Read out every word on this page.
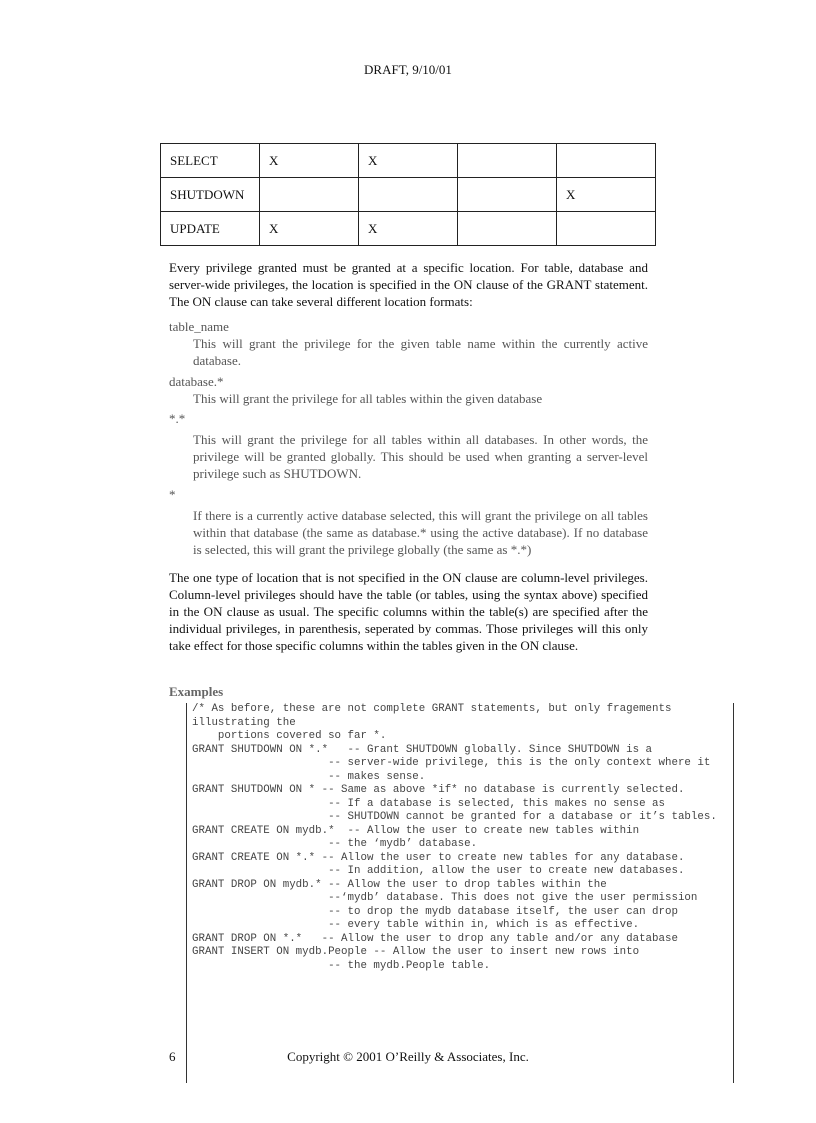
DRAFT, 9/10/01
SELECT	X	X		
SHUTDOWN				X
UPDATE	X	X		
Every privilege granted must be granted at a specific location. For table, database and server-wide privileges, the location is specified in the ON clause of the GRANT statement. The ON clause can take several different location formats:
table_name
This will grant the privilege for the given table name within the currently active database.
database.*
This will grant the privilege for all tables within the given database
*.*
This will grant the privilege for all tables within all databases. In other words, the privilege will be granted globally. This should be used when granting a server-level privilege such as SHUTDOWN.
*
If there is a currently active database selected, this will grant the privilege on all tables within that database (the same as database.* using the active database). If no database is selected, this will grant the privilege globally (the same as *.*)
The one type of location that is not specified in the ON clause are column-level privileges. Column-level privileges should have the table (or tables, using the syntax above) specified in the ON clause as usual. The specific columns within the table(s) are specified after the individual privileges, in parenthesis, seperated by commas. Those privileges will this only take effect for those specific columns within the tables given in the ON clause.
Examples
/* As before, these are not complete GRANT statements, but only fragements
illustrating the
portions covered so far *.
GRANT SHUTDOWN ON *.*   -- Grant SHUTDOWN globally. Since SHUTDOWN is a
-- server-wide privilege, this is the only context where it
-- makes sense.
GRANT SHUTDOWN ON * -- Same as above *if* no database is currently selected.
-- If a database is selected, this makes no sense as
-- SHUTDOWN cannot be granted for a database or it’s tables.
GRANT CREATE ON mydb.*  -- Allow the user to create new tables within
-- the ‘mydb’ database.
GRANT CREATE ON *.* -- Allow the user to create new tables for any database.
-- In addition, allow the user to create new databases.
GRANT DROP ON mydb.* -- Allow the user to drop tables within the
--‘mydb’ database. This does not give the user permission
-- to drop the mydb database itself, the user can drop
-- every table within in, which is as effective.
GRANT DROP ON *.*   -- Allow the user to drop any table and/or any database
GRANT INSERT ON mydb.People -- Allow the user to insert new rows into
-- the mydb.People table.
Copyright © 2001 O’Reilly & Associates, Inc.
6
